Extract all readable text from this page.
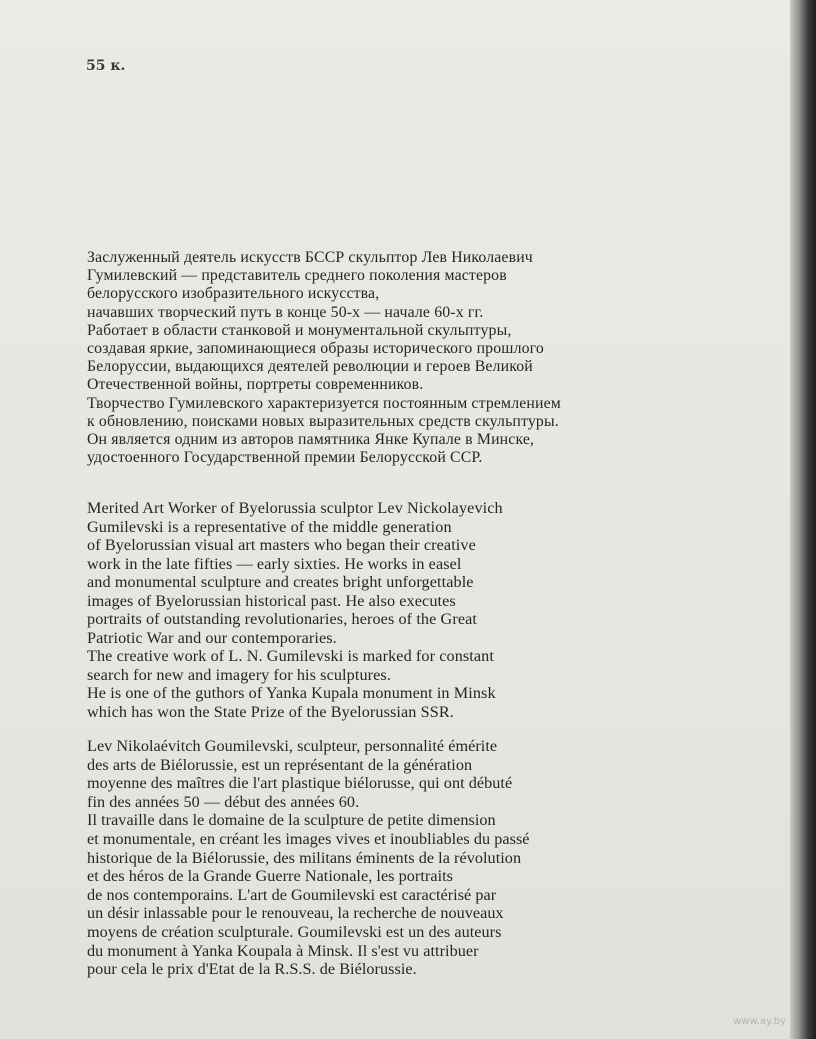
55 к.
Заслуженный деятель искусств БССР скульптор Лев Николаевич
Гумилевский — представитель среднего поколения мастеров
белорусского изобразительного искусства,
начавших творческий путь в конце 50-х — начале 60-х гг.
Работает в области станковой и монументальной скульптуры,
создавая яркие, запоминающиеся образы исторического прошлого
Белоруссии, выдающихся деятелей революции и героев Великой
Отечественной войны, портреты современников.
Творчество Гумилевского характеризуется постоянным стремлением
к обновлению, поисками новых выразительных средств скульптуры.
Он является одним из авторов памятника Янке Купале в Минске,
удостоенного Государственной премии Белорусской ССР.
Merited Art Worker of Byelorussia sculptor Lev Nickolayevich
Gumilevski is a representative of the middle generation
of Byelorussian visual art masters who began their creative
work in the late fifties — early sixties. He works in easel
and monumental sculpture and creates bright unforgettable
images of Byelorussian historical past. He also executes
portraits of outstanding revolutionaries, heroes of the Great
Patriotic War and our contemporaries.
The creative work of L. N. Gumilevski is marked for constant
search for new and imagery for his sculptures.
He is one of the guthors of Yanka Kupala monument in Minsk
which has won the State Prize of the Byelorussian SSR.
Lev Nikolaévitch Goumilevski, sculpteur, personnalité émérite
des arts de Biélorussie, est un représentant de la génération
moyenne des maîtres die l'art plastique biélorusse, qui ont débuté
fin des années 50 — début des années 60.
Il travaille dans le domaine de la sculpture de petite dimension
et monumentale, en créant les images vives et inoubliables du passé
historique de la Biélorussie, des militans éminents de la révolution
et des héros de la Grande Guerre Nationale, les portraits
de nos contemporains. L'art de Goumilevski est caractérisé par
un désir inlassable pour le renouveau, la recherche de nouveaux
moyens de création sculpturale. Goumilevski est un des auteurs
du monument à Yanka Koupala à Minsk. Il s'est vu attribuer
pour cela le prix d'Etat de la R.S.S. de Biélorussie.
www.ay.by
